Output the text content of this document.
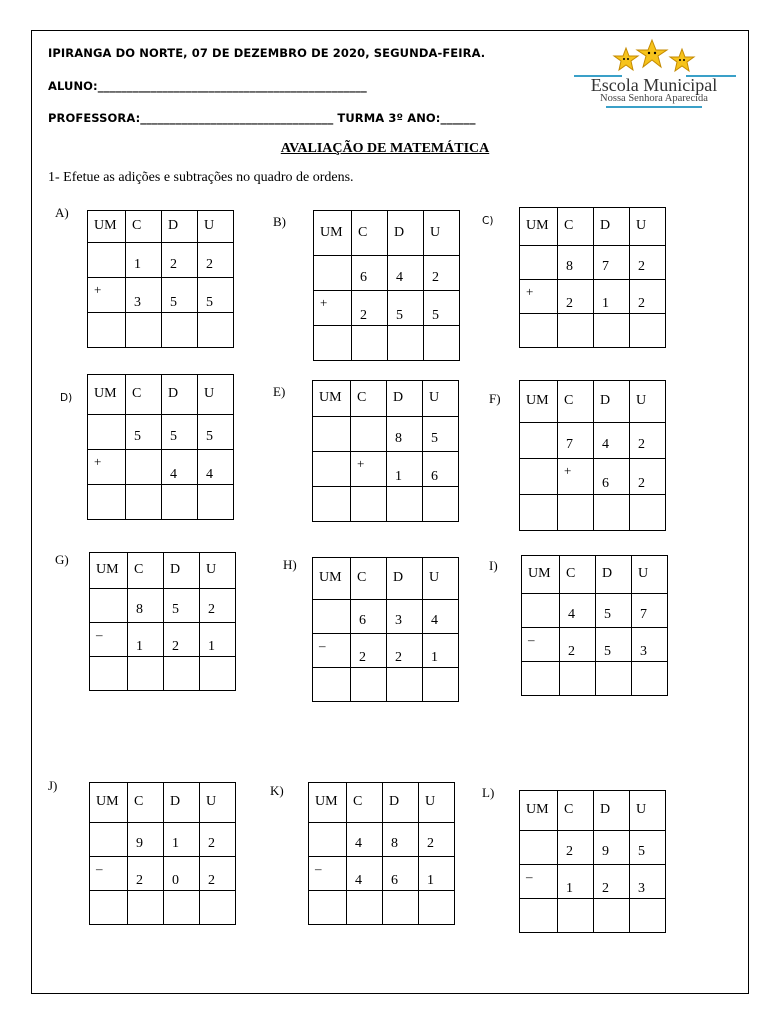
IPIRANGA DO NORTE, 07 DE DEZEMBRO DE 2020, SEGUNDA-FEIRA.
ALUNO:______________________________________________
PROFESSORA:_________________________________ TURMA 3º ANO:______
Escola Municipal
Nossa Senhora Aparecida
AVALIAÇÃO DE MATEMÁTICA
1- Efetue as adições e subtrações no quadro de ordens.
A)
UM	C	D	U

	1	2	2

+	3	5	5

B)
UM	C	D	U

	6	4	2

+	2	5	5

C) UM	C	D	U

	8	7	2

+	2	1	2

D) UM	C	D	U

	5	5	5

+		4	4

E) UM	C	D	U

		8	5

	+	1	6

F) UM	C	D	U

	7	4	2

	+	6	2

G)
UM	C	D	U

	8	5	2

–	1	2	1

H)
UM	C	D	U

	6	3	4

–	2	2	1

I)
UM	C	D	U

	4	5	7

–	2	5	3

J)
UM	C	D	U

	9	1	2

–	2	0	2

K)
UM	C	D	U

	4	8	2

–	4	6	1

L)
UM	C	D	U

	2	9	5

–	1	2	3
